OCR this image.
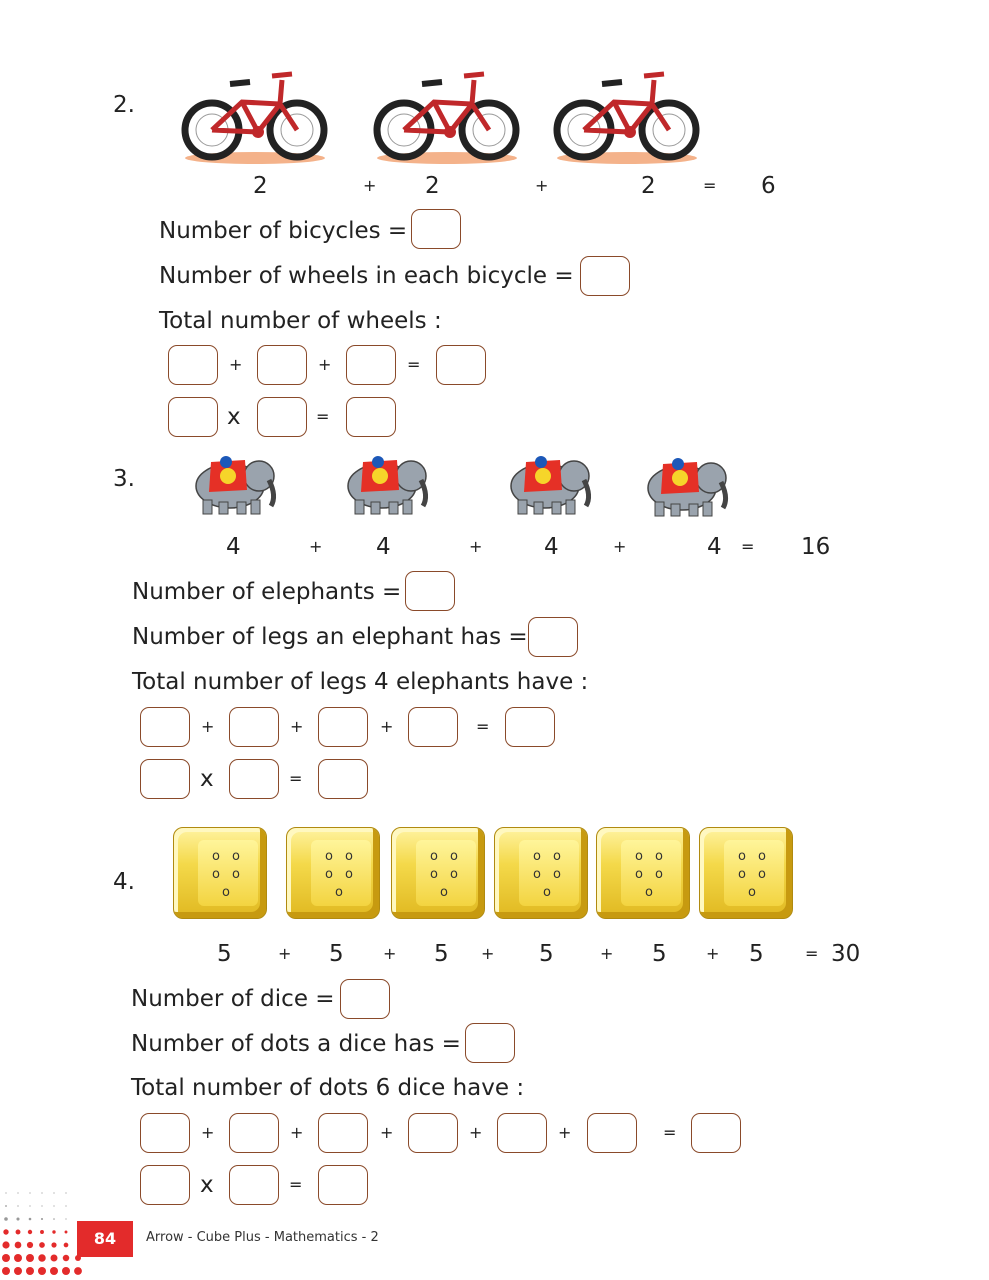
2.
2	+ 2	+	2	= 6
Number of bicycles =
Number of wheels in each bicycle =
Total number of wheels :
+	+	=
x	=
3.
4	+ 4	+	4	+	4 = 16
Number of elephants =
Number of legs an elephant has =
Total number of legs 4 elephants have :
+	+	+	=
x	=
4.
o o
o o
o
o o
o o
o
o o
o o
o
o o
o o
o
o o
o o
o
o o
o o
o
5	+ 5 + 5 + 5	+ 5 + 5	= 30
Number of dice =
Number of dots a dice has =
Total number of dots 6 dice have :
+	+	+	+	+	=
x	=
84	Arrow - Cube Plus - Mathematics - 2
